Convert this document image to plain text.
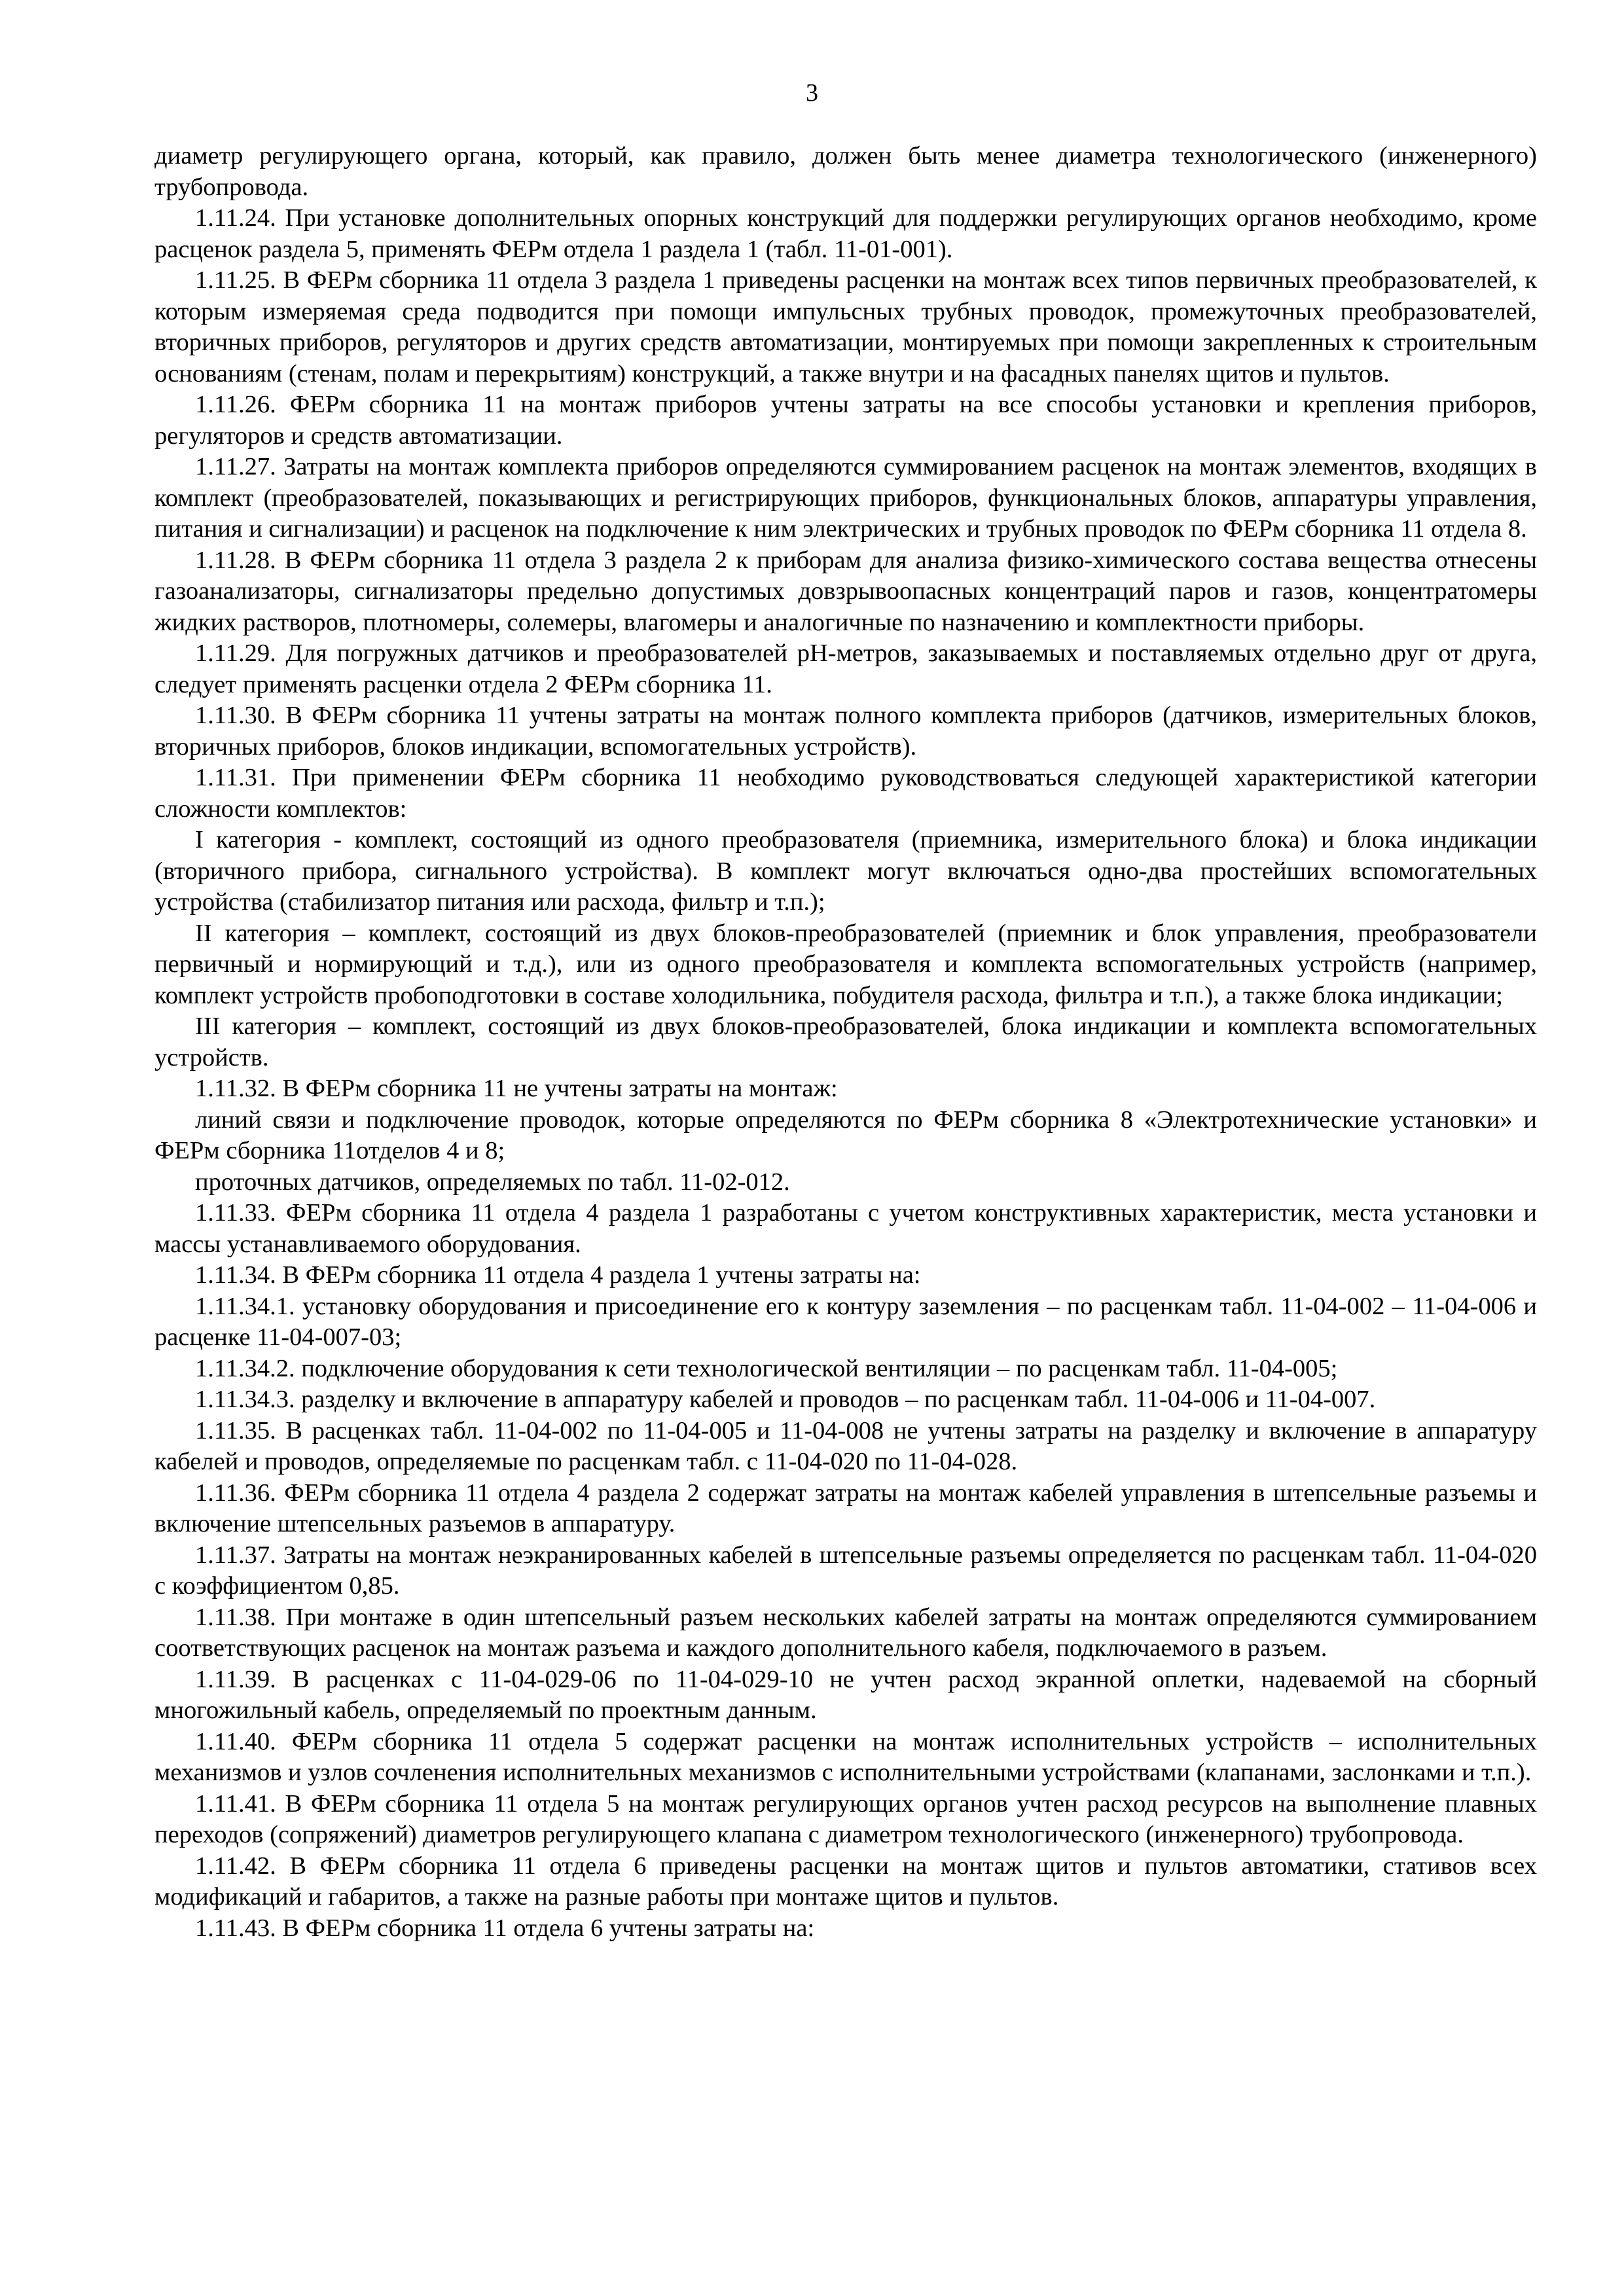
3

диаметр регулирующего органа, который, как правило, должен быть менее диаметра технологического (инженерного) трубопровода.

1.11.24. При установке дополнительных опорных конструкций для поддержки регулирующих органов необходимо, кроме расценок раздела 5, применять ФЕРм отдела 1 раздела 1 (табл. 11-01-001).

1.11.25. В ФЕРм сборника 11 отдела 3 раздела 1 приведены расценки на монтаж всех типов первичных преобразователей, к которым измеряемая среда подводится при помощи импульсных трубных проводок, промежуточных преобразователей, вторичных приборов, регуляторов и других средств автоматизации, монтируемых при помощи закрепленных к строительным основаниям (стенам, полам и перекрытиям) конструкций, а также внутри и на фасадных панелях щитов и пультов.

1.11.26. ФЕРм сборника 11 на монтаж приборов учтены затраты на все способы установки и крепления приборов, регуляторов и средств автоматизации.

1.11.27. Затраты на монтаж комплекта приборов определяются суммированием расценок на монтаж элементов, входящих в комплект (преобразователей, показывающих и регистрирующих приборов, функциональных блоков, аппаратуры управления, питания и сигнализации) и расценок на подключение к ним электрических и трубных проводок по ФЕРм сборника 11 отдела 8.

1.11.28. В ФЕРм сборника 11 отдела 3 раздела 2 к приборам для анализа физико-химического состава вещества отнесены газоанализаторы, сигнализаторы предельно допустимых довзрывоопасных концентраций паров и газов, концентратомеры жидких растворов, плотномеры, солемеры, влагомеры и аналогичные по назначению и комплектности приборы.

1.11.29. Для погружных датчиков и преобразователей pH-метров, заказываемых и поставляемых отдельно друг от друга, следует применять расценки отдела 2 ФЕРм сборника 11.

1.11.30. В ФЕРм сборника 11 учтены затраты на монтаж полного комплекта приборов (датчиков, измерительных блоков, вторичных приборов, блоков индикации, вспомогательных устройств).

1.11.31. При применении ФЕРм сборника 11 необходимо руководствоваться следующей характеристикой категории сложности комплектов:

I категория - комплект, состоящий из одного преобразователя (приемника, измерительного блока) и блока индикации (вторичного прибора, сигнального устройства). В комплект могут включаться одно-два простейших вспомогательных устройства (стабилизатор питания или расхода, фильтр и т.п.);

II категория – комплект, состоящий из двух блоков-преобразователей (приемник и блок управления, преобразователи первичный и нормирующий и т.д.), или из одного преобразователя и комплекта вспомогательных устройств (например, комплект устройств пробоподготовки в составе холодильника, побудителя расхода, фильтра и т.п.), а также блока индикации;

III категория – комплект, состоящий из двух блоков-преобразователей, блока индикации и комплекта вспомогательных устройств.

1.11.32. В ФЕРм сборника 11 не учтены затраты на монтаж:

линий связи и подключение проводок, которые определяются по ФЕРм сборника 8 «Электротехнические установки» и ФЕРм сборника 11отделов 4 и 8;

проточных датчиков, определяемых по табл. 11-02-012.

1.11.33. ФЕРм сборника 11 отдела 4 раздела 1 разработаны с учетом конструктивных характеристик, места установки и массы устанавливаемого оборудования.

1.11.34. В ФЕРм сборника 11 отдела 4 раздела 1 учтены затраты на:

1.11.34.1. установку оборудования и присоединение его к контуру заземления – по расценкам табл. 11-04-002 – 11-04-006 и расценке 11-04-007-03;

1.11.34.2. подключение оборудования к сети технологической вентиляции – по расценкам табл. 11-04-005;

1.11.34.3. разделку и включение в аппаратуру кабелей и проводов – по расценкам табл. 11-04-006 и 11-04-007.

1.11.35. В расценках табл. 11-04-002 по 11-04-005 и 11-04-008 не учтены затраты на разделку и включение в аппаратуру кабелей и проводов, определяемые по расценкам табл. с 11-04-020 по 11-04-028.

1.11.36. ФЕРм сборника 11 отдела 4 раздела 2 содержат затраты на монтаж кабелей управления в штепсельные разъемы и включение штепсельных разъемов в аппаратуру.

1.11.37. Затраты на монтаж неэкранированных кабелей в штепсельные разъемы определяется по расценкам табл. 11-04-020 с коэффициентом 0,85.

1.11.38. При монтаже в один штепсельный разъем нескольких кабелей затраты на монтаж определяются суммированием соответствующих расценок на монтаж разъема и каждого дополнительного кабеля, подключаемого в разъем.

1.11.39. В расценках с 11-04-029-06 по 11-04-029-10 не учтен расход экранной оплетки, надеваемой на сборный многожильный кабель, определяемый по проектным данным.

1.11.40. ФЕРм сборника 11 отдела 5 содержат расценки на монтаж исполнительных устройств – исполнительных механизмов и узлов сочленения исполнительных механизмов с исполнительными устройствами (клапанами, заслонками и т.п.).

1.11.41. В ФЕРм сборника 11 отдела 5 на монтаж регулирующих органов учтен расход ресурсов на выполнение плавных переходов (сопряжений) диаметров регулирующего клапана с диаметром технологического (инженерного) трубопровода.

1.11.42. В ФЕРм сборника 11 отдела 6 приведены расценки на монтаж щитов и пультов автоматики, стативов всех модификаций и габаритов, а также на разные работы при монтаже щитов и пультов.

1.11.43. В ФЕРм сборника 11 отдела 6 учтены затраты на:
